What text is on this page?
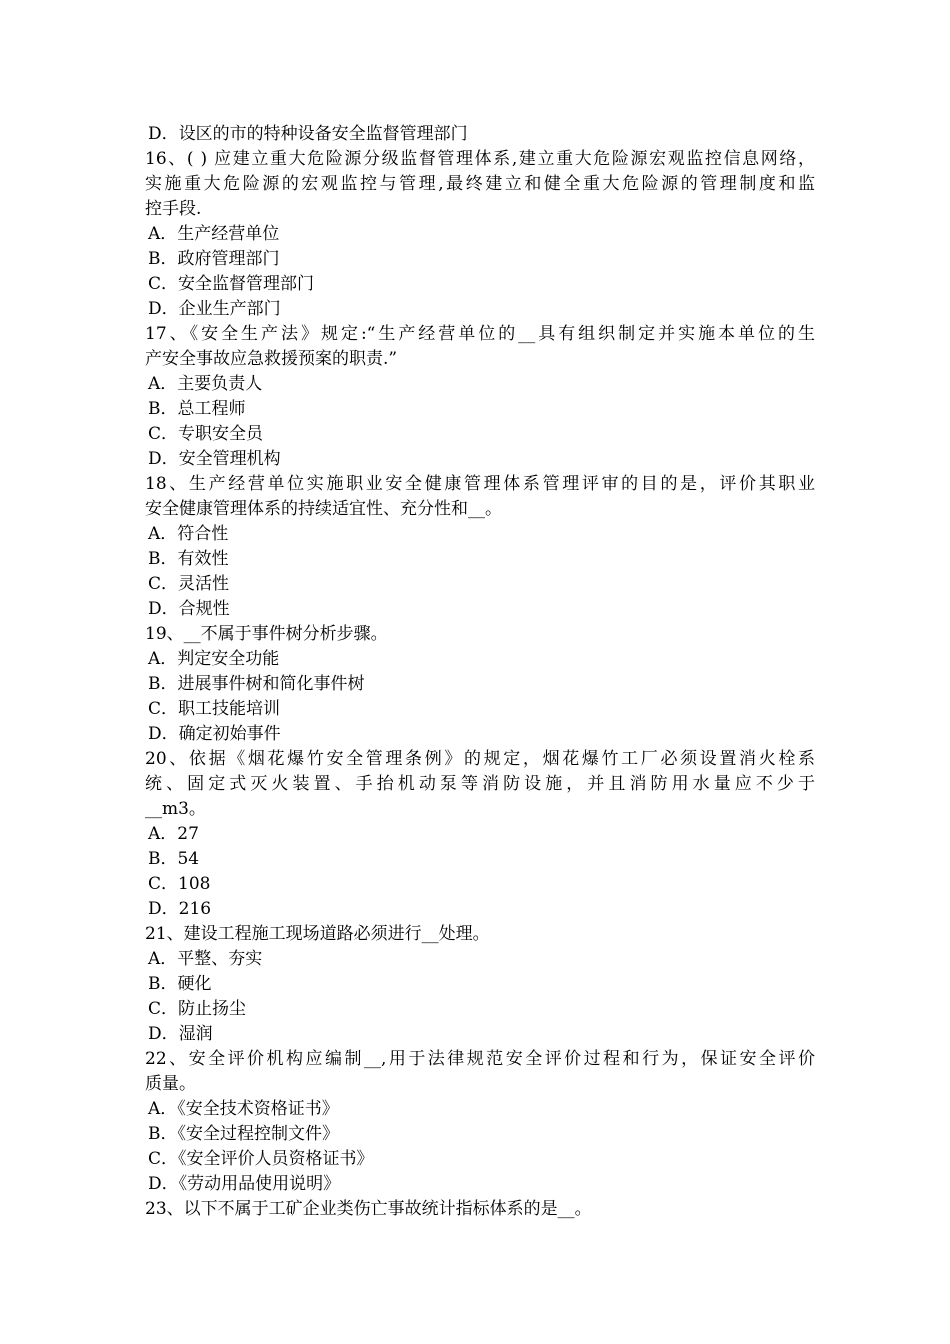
D．设区的市的特种设备安全监督管理部门
16、( ) 应建立重大危险源分级监督管理体系,建立重大危险源宏观监控信息网络，
实施重大危险源的宏观监控与管理,最终建立和健全重大危险源的管理制度和监
控手段.
A．生产经营单位
B．政府管理部门
C．安全监督管理部门
D．企业生产部门
17、《安全生产法》规定:“生产经营单位的__具有组织制定并实施本单位的生
产安全事故应急救援预案的职责.”
A．主要负责人
B．总工程师
C．专职安全员
D．安全管理机构
18、生产经营单位实施职业安全健康管理体系管理评审的目的是，评价其职业
安全健康管理体系的持续适宜性、充分性和__。
A．符合性
B．有效性
C．灵活性
D．合规性
19、__不属于事件树分析步骤。
A．判定安全功能
B．进展事件树和简化事件树
C．职工技能培训
D．确定初始事件
20、依据《烟花爆竹安全管理条例》的规定，烟花爆竹工厂必须设置消火栓系
统、固定式灭火装置、手抬机动泵等消防设施，并且消防用水量应不少于
__m3。
A．27
B．54
C．108
D．216
21、建设工程施工现场道路必须进行__处理。
A．平整、夯实
B．硬化
C．防止扬尘
D．湿润
22、安全评价机构应编制__,用于法律规范安全评价过程和行为，保证安全评价
质量。
A．《安全技术资格证书》
B．《安全过程控制文件》
C．《安全评价人员资格证书》
D．《劳动用品使用说明》
23、以下不属于工矿企业类伤亡事故统计指标体系的是__。
